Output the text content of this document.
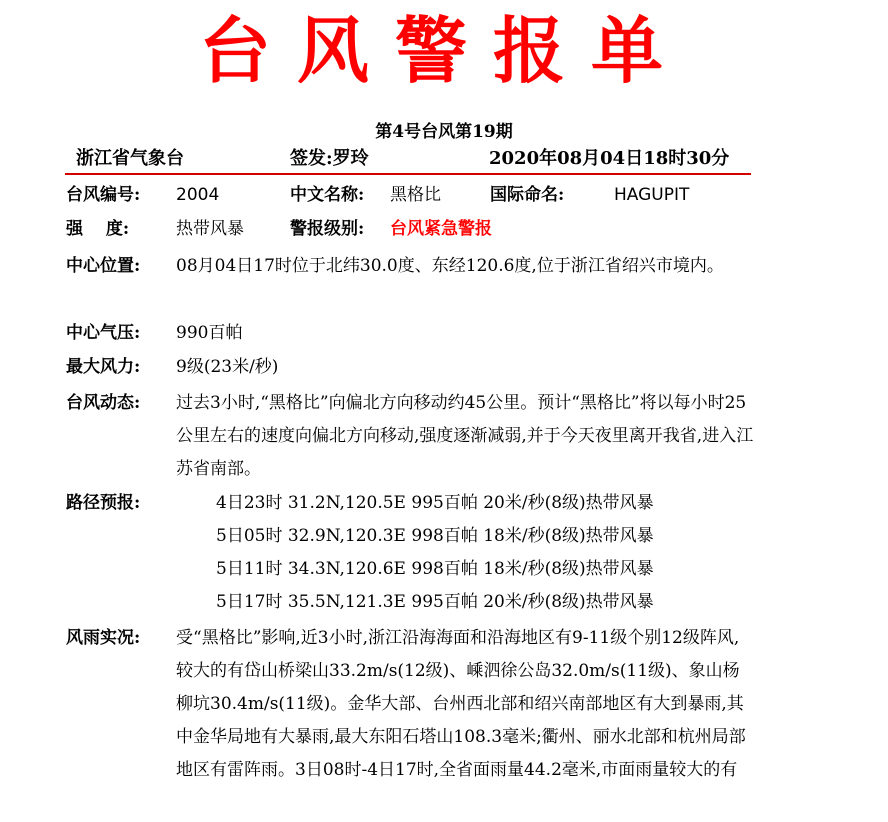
台风警报单
第4号台风第19期
浙江省气象台	签发:罗玲	2020年08月04日18时30分
台风编号: 2004	中文名称: 黑格比	国际命名:	HAGUPIT
强　 度:	热带风暴	警报级别: 台风紧急警报
中心位置: 08月04日17时位于北纬30.0度、东经120.6度,位于浙江省绍兴市境内。
中心气压: 990百帕
最大风力: 9级(23米/秒)
台风动态: 过去3小时,“黑格比”向偏北方向移动约45公里。预计“黑格比”将以每小时25公里左右的速度向偏北方向移动,强度逐渐减弱,并于今天夜里离开我省,进入江苏省南部。
路径预报:	4日23时 31.2N,120.5E 995百帕 20米/秒(8级)热带风暴
5日05时 32.9N,120.3E 998百帕 18米/秒(8级)热带风暴
5日11时 34.3N,120.6E 998百帕 18米/秒(8级)热带风暴
5日17时 35.5N,121.3E 995百帕 20米/秒(8级)热带风暴
风雨实况: 受“黑格比”影响,近3小时,浙江沿海海面和沿海地区有9-11级个别12级阵风,较大的有岱山桥梁山33.2m/s(12级)、嵊泗徐公岛32.0m/s(11级)、象山杨柳坑30.4m/s(11级)。金华大部、台州西北部和绍兴南部地区有大到暴雨,其中金华局地有大暴雨,最大东阳石塔山108.3毫米;衢州、丽水北部和杭州局部地区有雷阵雨。3日08时-4日17时,全省面雨量44.2毫米,市面雨量较大的有
